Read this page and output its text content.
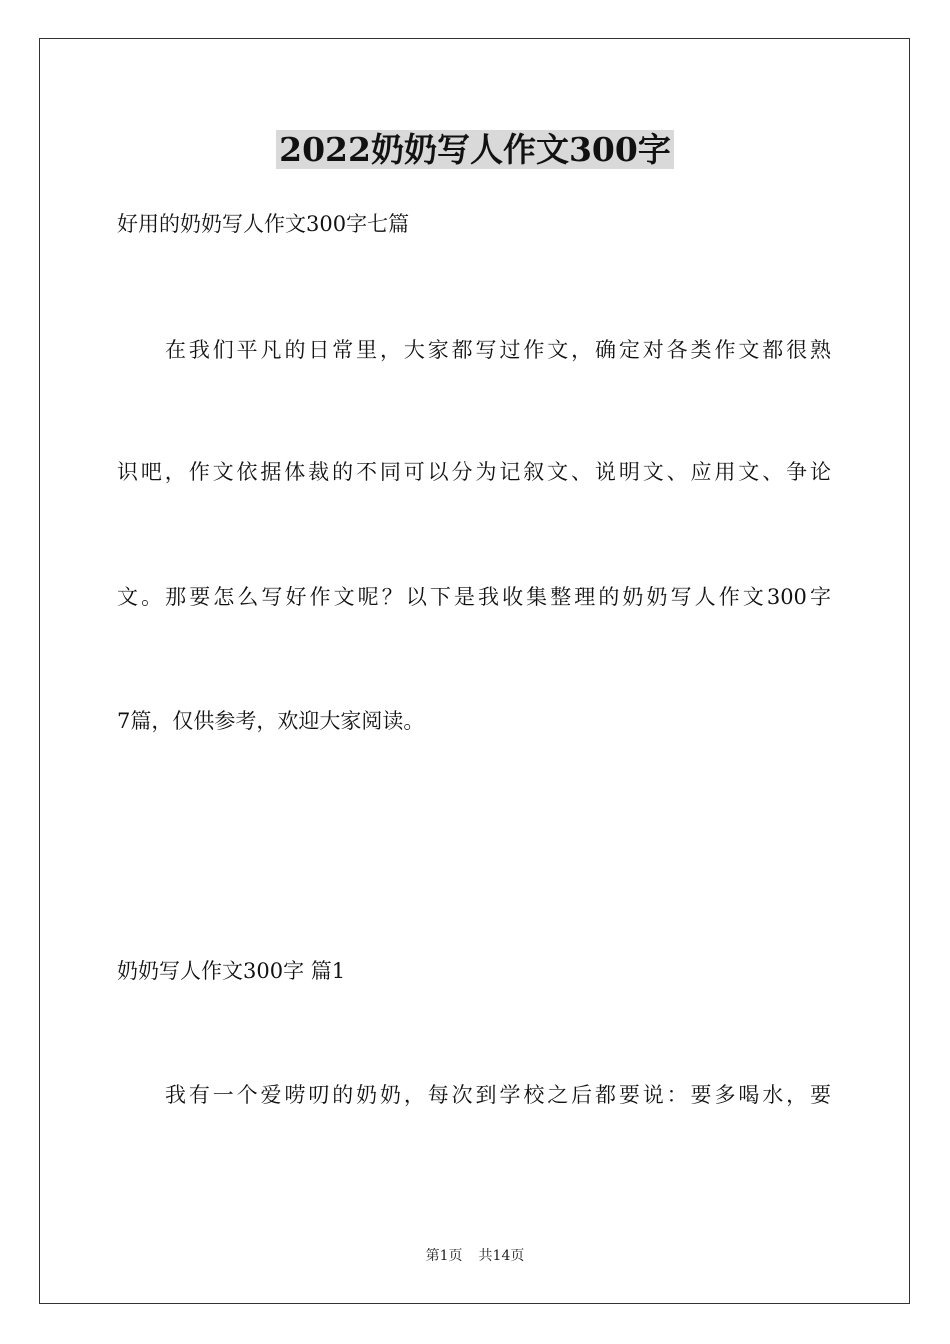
2022奶奶写人作文300字
好用的奶奶写人作文300字七篇
在我们平凡的日常里，大家都写过作文，确定对各类作文都很熟
识吧，作文依据体裁的不同可以分为记叙文、说明文、应用文、争论
文。那要怎么写好作文呢？以下是我收集整理的奶奶写人作文300字
7篇，仅供参考，欢迎大家阅读。
奶奶写人作文300字 篇1
我有一个爱唠叨的奶奶，每次到学校之后都要说：要多喝水，要
第1页 共14页
